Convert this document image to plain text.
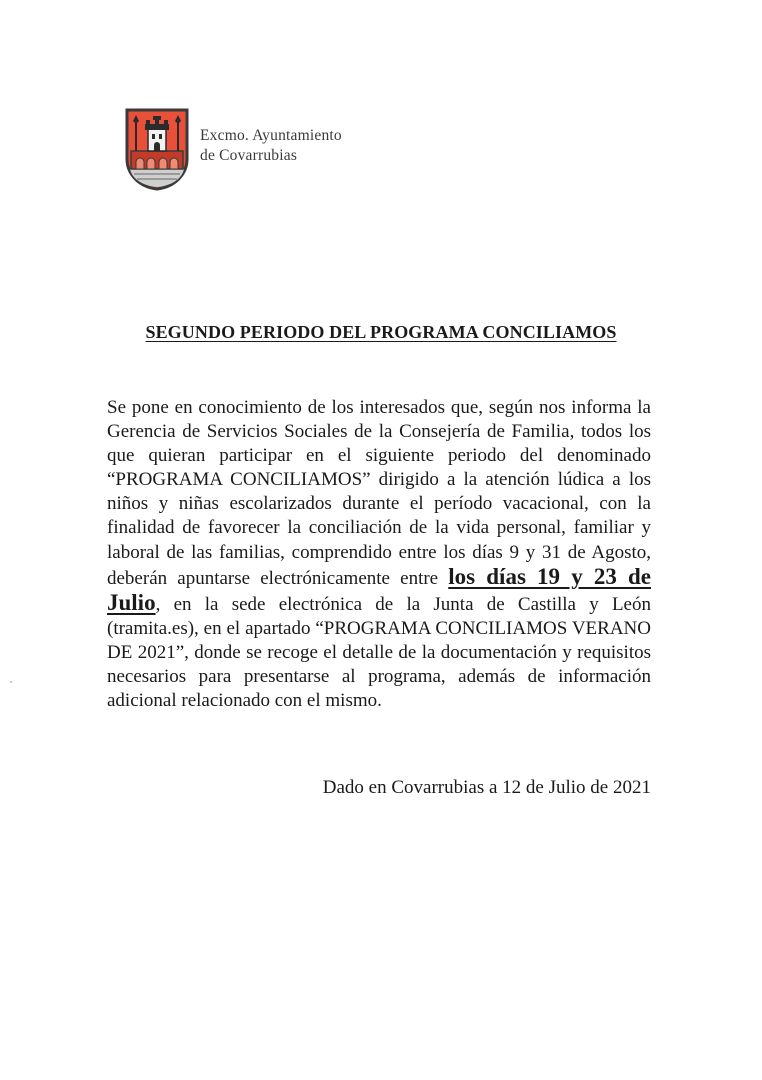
Excmo. Ayuntamiento
de Covarrubias
SEGUNDO PERIODO DEL PROGRAMA CONCILIAMOS

Se pone en conocimiento de los interesados que, según nos informa la Gerencia de Servicios Sociales de la Consejería de Familia, todos los que quieran participar en el siguiente periodo del denominado “PROGRAMA CONCILIAMOS” dirigido a la atención lúdica a los niños y niñas escolarizados durante el período vacacional, con la finalidad de favorecer la conciliación de la vida personal, familiar y laboral de las familias, comprendido entre los días 9 y 31 de Agosto, deberán apuntarse electrónicamente entre los días 19 y 23 de Julio, en la sede electrónica de la Junta de Castilla y León (tramita.es), en el apartado “PROGRAMA CONCILIAMOS VERANO DE 2021”, donde se recoge el detalle de la documentación y requisitos necesarios para presentarse al programa, además de información adicional relacionado con el mismo.

Dado en Covarrubias a 12 de Julio de 2021
